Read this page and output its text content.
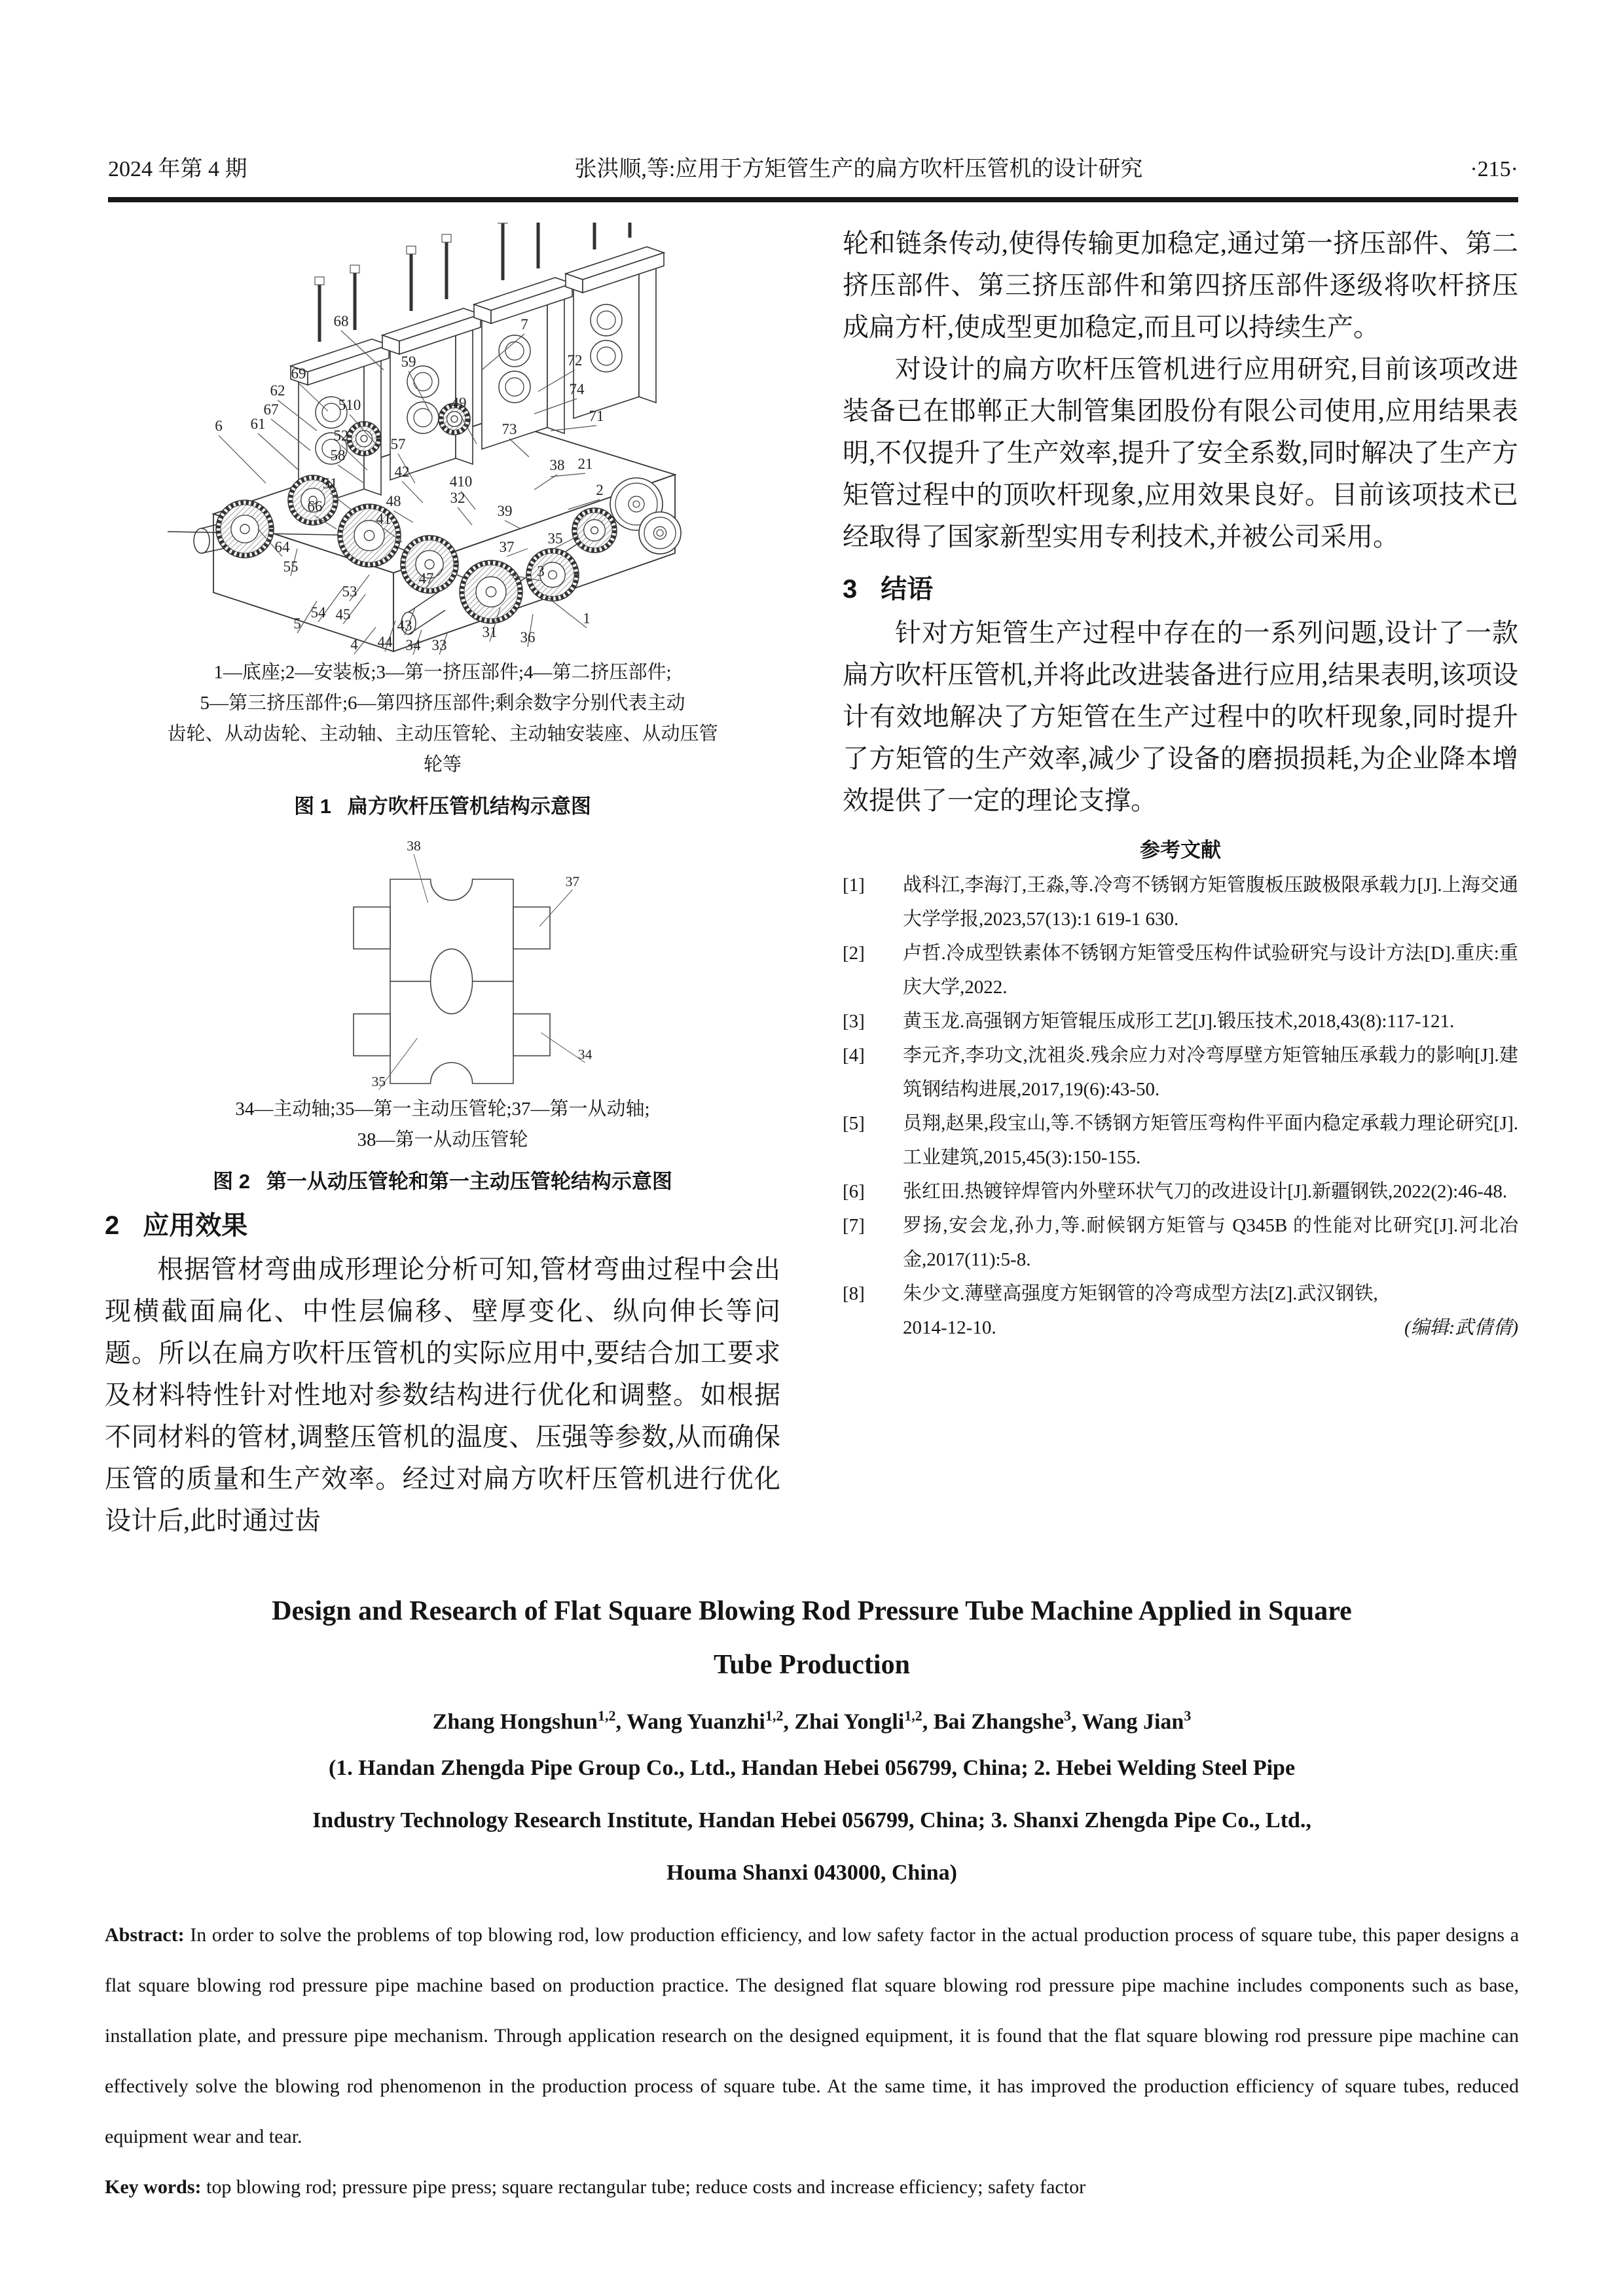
2024 年第 4 期	张洪顺,等:应用于方矩管生产的扁方吹杆压管机的设计研究	·215·
68	7
72
74
71
69
62
67
61
6
59
510
52
58
57
49
73
21
38
2
42
48
410
32
39
51
66
41
35
37
64
55	3
53
54 45
47
31 36
5
4 44
43
34 33
1
1—底座;2—安装板;3—第一挤压部件;4—第二挤压部件;
5—第三挤压部件;6—第四挤压部件;剩余数字分别代表主动
齿轮、从动齿轮、主动轴、主动压管轮、主动轴安装座、从动压管
轮等
图 1 扁方吹杆压管机结构示意图
38
37
34
35
34—主动轴;35—第一主动压管轮;37—第一从动轴;
38—第一从动压管轮
图 2 第一从动压管轮和第一主动压管轮结构示意图
2 应用效果

根据管材弯曲成形理论分析可知,管材弯曲过程中会出现横截面扁化、中性层偏移、壁厚变化、纵向伸长等问题。所以在扁方吹杆压管机的实际应用中,要结合加工要求及材料特性针对性地对参数结构进行优化和调整。如根据不同材料的管材,调整压管机的温度、压强等参数,从而确保压管的质量和生产效率。经过对扁方吹杆压管机进行优化设计后,此时通过齿

轮和链条传动,使得传输更加稳定,通过第一挤压部件、第二挤压部件、第三挤压部件和第四挤压部件逐级将吹杆挤压成扁方杆,使成型更加稳定,而且可以持续生产。

对设计的扁方吹杆压管机进行应用研究,目前该项改进装备已在邯郸正大制管集团股份有限公司使用,应用结果表明,不仅提升了生产效率,提升了安全系数,同时解决了生产方矩管过程中的顶吹杆现象,应用效果良好。目前该项技术已经取得了国家新型实用专利技术,并被公司采用。

3 结语

针对方矩管生产过程中存在的一系列问题,设计了一款扁方吹杆压管机,并将此改进装备进行应用,结果表明,该项设计有效地解决了方矩管在生产过程中的吹杆现象,同时提升了方矩管的生产效率,减少了设备的磨损损耗,为企业降本增效提供了一定的理论支撑。

参考文献
[1] 战科江,李海汀,王淼,等.冷弯不锈钢方矩管腹板压跛极限承载力[J].上海交通大学学报,2023,57(13):1 619-1 630.
[2] 卢哲.冷成型铁素体不锈钢方矩管受压构件试验研究与设计方法[D].重庆:重庆大学,2022.
[3] 黄玉龙.高强钢方矩管辊压成形工艺[J].锻压技术,2018,43(8):117-121.
[4] 李元齐,李功文,沈祖炎.残余应力对冷弯厚壁方矩管轴压承载力的影响[J].建筑钢结构进展,2017,19(6):43-50.
[5] 员翔,赵果,段宝山,等.不锈钢方矩管压弯构件平面内稳定承载力理论研究[J].工业建筑,2015,45(3):150-155.
[6] 张红田.热镀锌焊管内外壁环状气刀的改进设计[J].新疆钢铁,2022(2):46-48.
[7] 罗扬,安会龙,孙力,等.耐候钢方矩管与 Q345B 的性能对比研究[J].河北冶金,2017(11):5-8.
[8] 朱少文.薄壁高强度方矩钢管的冷弯成型方法[Z].武汉钢铁,
2014-12-10.	(编辑:武倩倩)
Design and Research of Flat Square Blowing Rod Pressure Tube Machine Applied in Square
Tube Production
Zhang Hongshun$^{1,2}$, Wang Yuanzhi$^{1,2}$, Zhai Yongli$^{1,2}$, Bai Zhangshe$^3$, Wang Jian$^3$
(1. Handan Zhengda Pipe Group Co., Ltd., Handan Hebei 056799, China; 2. Hebei Welding Steel Pipe
Industry Technology Research Institute, Handan Hebei 056799, China; 3. Shanxi Zhengda Pipe Co., Ltd.,
Houma Shanxi 043000, China)

Abstract: In order to solve the problems of top blowing rod, low production efficiency, and low safety factor in the actual production process of square tube, this paper designs a flat square blowing rod pressure pipe machine based on production practice. The designed flat square blowing rod pressure pipe machine includes components such as base, installation plate, and pressure pipe mechanism. Through application research on the designed equipment, it is found that the flat square blowing rod pressure pipe machine can effectively solve the blowing rod phenomenon in the production process of square tube. At the same time, it has improved the production efficiency of square tubes, reduced equipment wear and tear.

Key words: top blowing rod; pressure pipe press; square rectangular tube; reduce costs and increase efficiency; safety factor
